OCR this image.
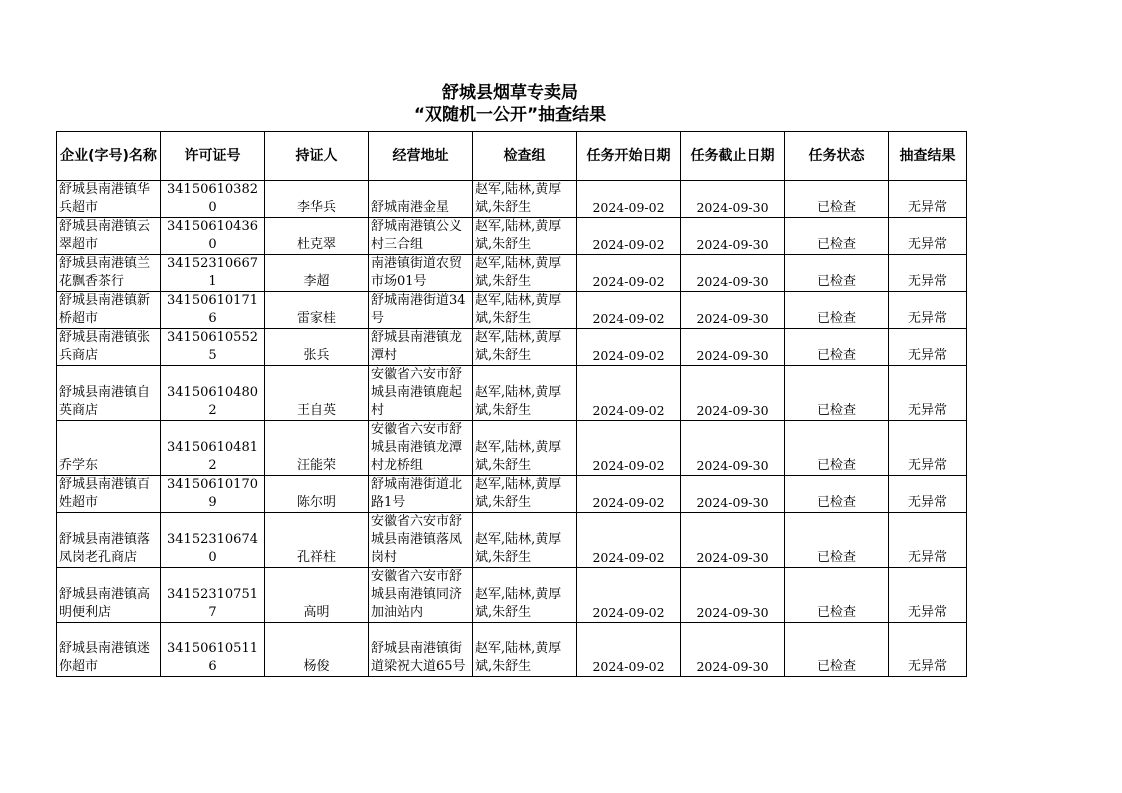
舒城县烟草专卖局
“双随机一公开”抽查结果
企业(字号)名称	许可证号	持证人	经营地址	检查组	任务开始日期	任务截止日期	任务状态	抽查结果
舒城县南港镇华兵超市	341506103820	李华兵	舒城南港金星	赵军,陆林,黄厚斌,朱舒生	2024-09-02	2024-09-30	已检查	无异常
舒城县南港镇云翠超市	341506104360	杜克翠	舒城南港镇公义村三合组	赵军,陆林,黄厚斌,朱舒生	2024-09-02	2024-09-30	已检查	无异常
舒城县南港镇兰花飘香茶行	341523106671	李超	南港镇街道农贸市场01号	赵军,陆林,黄厚斌,朱舒生	2024-09-02	2024-09-30	已检查	无异常
舒城县南港镇新桥超市	341506101716	雷家桂	舒城南港街道34号	赵军,陆林,黄厚斌,朱舒生	2024-09-02	2024-09-30	已检查	无异常
舒城县南港镇张兵商店	341506105525	张兵	舒城县南港镇龙潭村	赵军,陆林,黄厚斌,朱舒生	2024-09-02	2024-09-30	已检查	无异常
舒城县南港镇自英商店	341506104802	王自英	安徽省六安市舒城县南港镇鹿起村	赵军,陆林,黄厚斌,朱舒生	2024-09-02	2024-09-30	已检查	无异常
乔学东	341506104812	汪能荣	安徽省六安市舒城县南港镇龙潭村龙桥组	赵军,陆林,黄厚斌,朱舒生	2024-09-02	2024-09-30	已检查	无异常
舒城县南港镇百姓超市	341506101709	陈尔明	舒城南港街道北路1号	赵军,陆林,黄厚斌,朱舒生	2024-09-02	2024-09-30	已检查	无异常
舒城县南港镇落凤岗老孔商店	341523106740	孔祥柱	安徽省六安市舒城县南港镇落凤岗村	赵军,陆林,黄厚斌,朱舒生	2024-09-02	2024-09-30	已检查	无异常
舒城县南港镇高明便利店	341523107517	高明	安徽省六安市舒城县南港镇同济加油站内	赵军,陆林,黄厚斌,朱舒生	2024-09-02	2024-09-30	已检查	无异常
舒城县南港镇迷你超市	341506105116	杨俊	舒城县南港镇街道梁祝大道65号	赵军,陆林,黄厚斌,朱舒生	2024-09-02	2024-09-30	已检查	无异常
